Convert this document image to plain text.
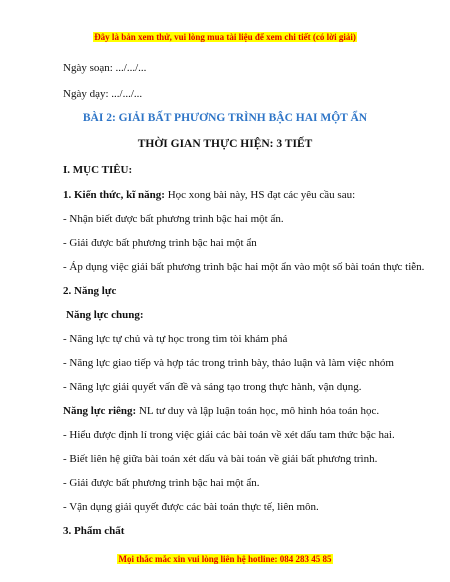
Đây là bản xem thử, vui lòng mua tài liệu để xem chi tiết (có lời giải)
Ngày soạn: .../.../...
Ngày dạy: .../.../...
BÀI 2: GIẢI BẤT PHƯƠNG TRÌNH BẬC HAI MỘT ẨN
THỜI GIAN THỰC HIỆN: 3 TIẾT
I. MỤC TIÊU:
1. Kiến thức, kĩ năng: Học xong bài này, HS đạt các yêu cầu sau:
- Nhận biết được bất phương trình bậc hai một ẩn.
- Giải được bất phương trình bậc hai một ẩn
- Áp dụng việc giải bất phương trình bậc hai một ẩn vào một số bài toán thực tiễn.
2. Năng lực
Năng lực chung:
- Năng lực tự chủ và tự học trong tìm tòi khám phá
- Năng lực giao tiếp và hợp tác trong trình bày, thảo luận và làm việc nhóm
- Năng lực giải quyết vấn đề và sáng tạo trong thực hành, vận dụng.
Năng lực riêng: NL tư duy và lập luận toán học, mô hình hóa toán học.
- Hiểu được định lí trong việc giải các bài toán về xét dấu tam thức bậc hai.
- Biết liên hệ giữa bài toán xét dấu và bài toán về giải bất phương trình.
- Giải được bất phương trình bậc hai một ẩn.
- Vận dụng giải quyết được các bài toán thực tế, liên môn.
3. Phẩm chất
Mọi thắc mắc xin vui lòng liên hệ hotline: 084 283 45 85
